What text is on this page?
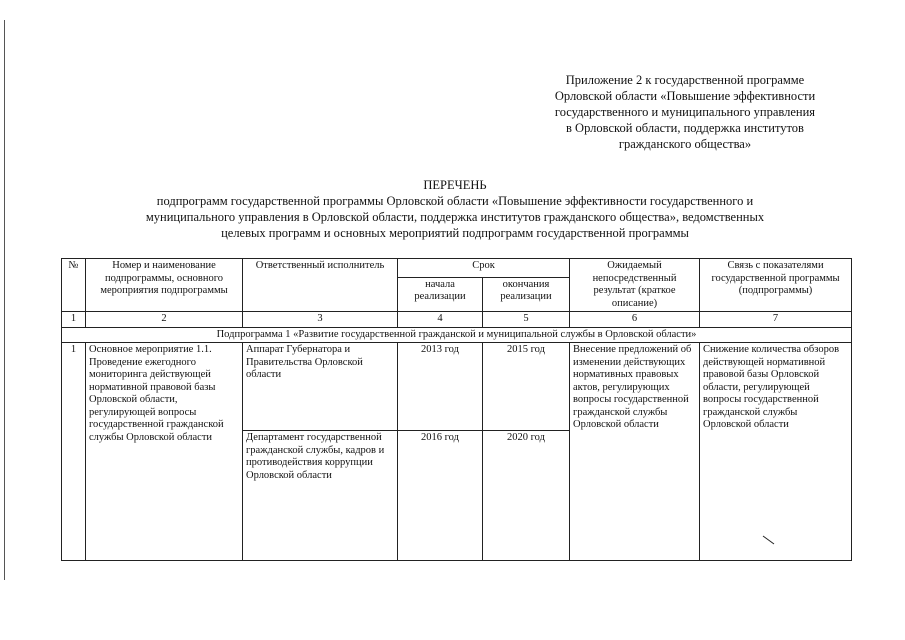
Приложение 2 к государственной программе
Орловской области «Повышение эффективности
государственного и муниципального управления
в Орловской области, поддержка институтов
гражданского общества»
ПЕРЕЧЕНЬ
подпрограмм государственной программы Орловской области «Повышение эффективности государственного и
муниципального управления в Орловской области, поддержка институтов гражданского общества», ведомственных
целевых программ и основных мероприятий подпрограмм государственной программы
№	Номер и наименование подпрограммы, основного мероприятия подпрограммы	Ответственный исполнитель	Срок		Ожидаемый непосредственный результат (краткое описание)	Связь с показателями государственной программы (подпрограммы)
			начала реализации	окончания реализации		
1	2	3	4	5	6	7
Подпрограмма 1 «Развитие государственной гражданской и муниципальной службы в Орловской области»						
1	Основное мероприятие 1.1. Проведение ежегодного мониторинга действующей нормативной правовой базы Орловской области, регулирующей вопросы государственной гражданской службы Орловской области	Аппарат Губернатора и Правительства Орловской области	2013 год	2015 год	Внесение предложений об изменении действующих нормативных правовых актов, регулирующих вопросы государственной гражданской службы Орловской области	Снижение количества обзоров действующей нормативной правовой базы Орловской области, регулирующей вопросы государственной гражданской службы Орловской области
		Департамент государственной гражданской службы, кадров и противодействия коррупции Орловской области	2016 год	2020 год		
